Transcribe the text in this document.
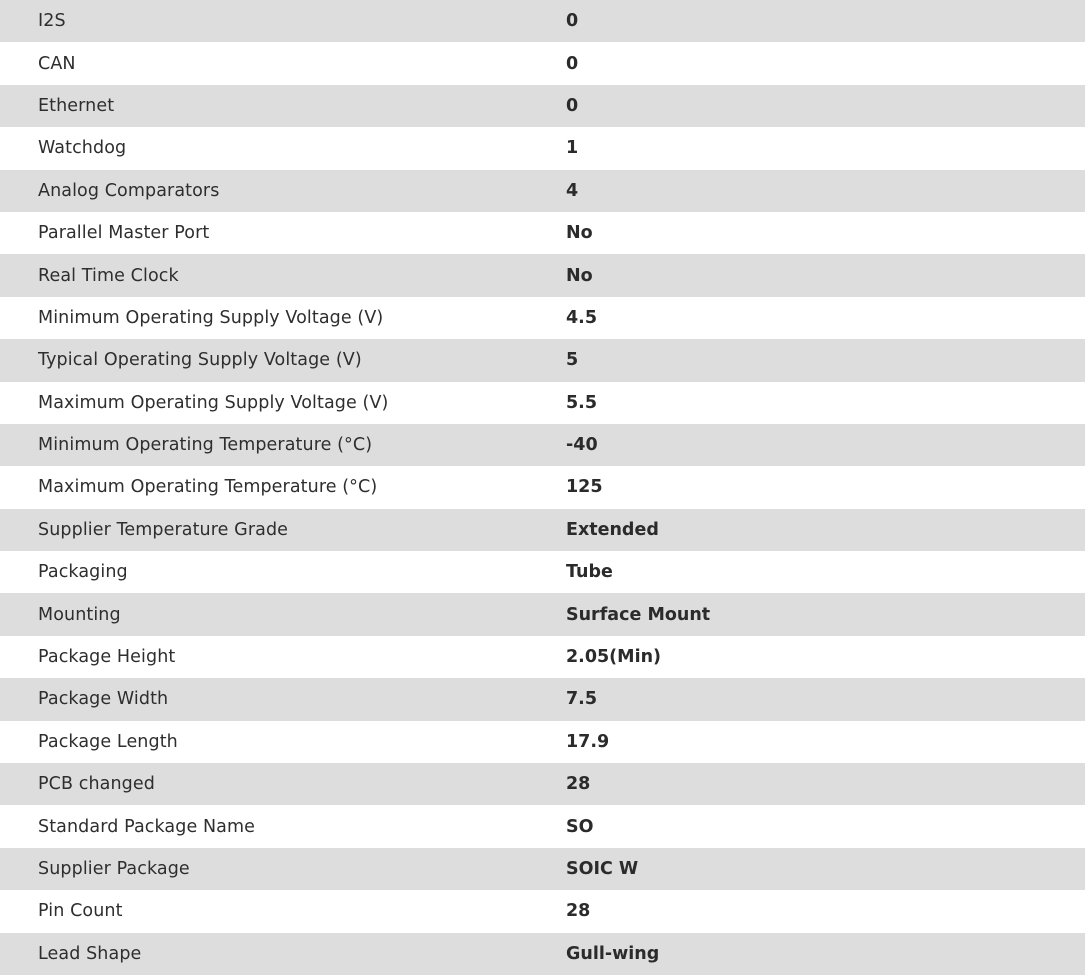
I2S	0
CAN	0
Ethernet	0
Watchdog	1
Analog Comparators	4
Parallel Master Port	No
Real Time Clock	No
Minimum Operating Supply Voltage (V)	4.5
Typical Operating Supply Voltage (V)	5
Maximum Operating Supply Voltage (V)	5.5
Minimum Operating Temperature (°C)	-40
Maximum Operating Temperature (°C)	125
Supplier Temperature Grade	Extended
Packaging	Tube
Mounting	Surface Mount
Package Height	2.05(Min)
Package Width	7.5
Package Length	17.9
PCB changed	28
Standard Package Name	SO
Supplier Package	SOIC W
Pin Count	28
Lead Shape	Gull-wing
